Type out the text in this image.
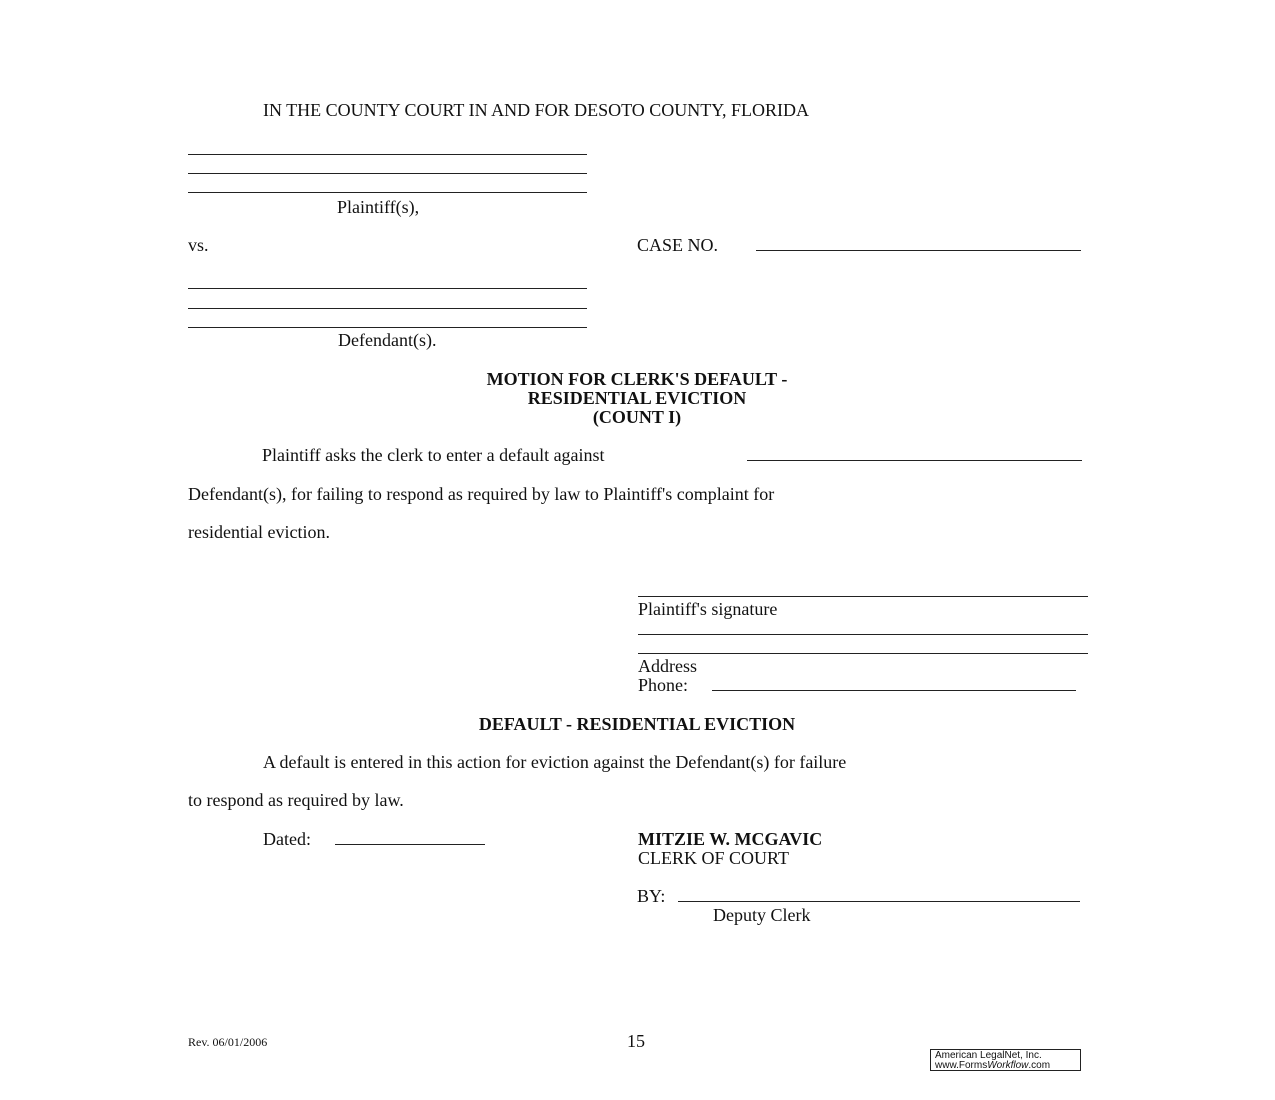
IN THE COUNTY COURT IN AND FOR DESOTO COUNTY, FLORIDA
Plaintiff(s),
vs.	CASE NO.
Defendant(s).
MOTION FOR CLERK'S DEFAULT -
RESIDENTIAL EVICTION
(COUNT I)
Plaintiff asks the clerk to enter a default against
Defendant(s), for failing to respond as required by law to Plaintiff's complaint for
residential eviction.
Plaintiff's signature
Address
Phone:
DEFAULT - RESIDENTIAL EVICTION
A default is entered in this action for eviction against the Defendant(s) for failure
to respond as required by law.
Dated:	MITZIE W. MCGAVIC
CLERK OF COURT
BY:
Deputy Clerk
Rev. 06/01/2006	15
American LegalNet, Inc.
www.FormsWorkflow.com
